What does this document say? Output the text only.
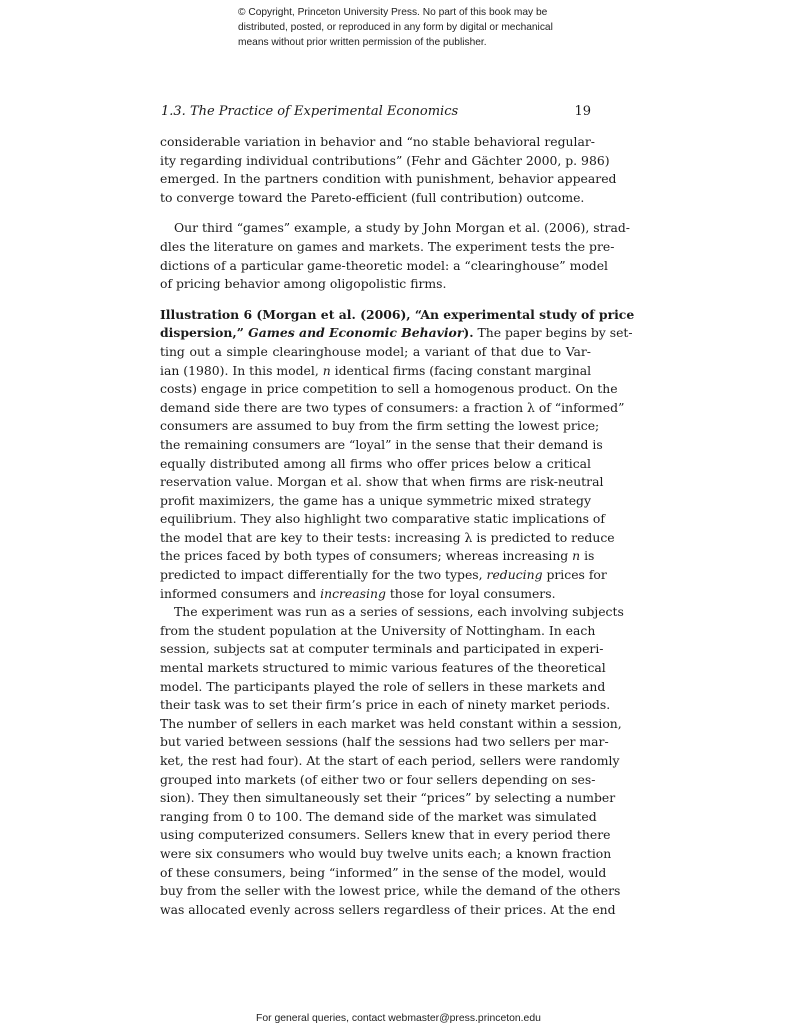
© Copyright, Princeton University Press. No part of this book may be
distributed, posted, or reproduced in any form by digital or mechanical
means without prior written permission of the publisher.
1.3. The Practice of Experimental Economics	19
considerable variation in behavior and “no stable behavioral regular-
ity regarding individual contributions” (Fehr and Gächter 2000, p. 986)
emerged. In the partners condition with punishment, behavior appeared
to converge toward the Pareto-efficient (full contribution) outcome.
Our third “games” example, a study by John Morgan et al. (2006), strad-
dles the literature on games and markets. The experiment tests the pre-
dictions of a particular game-theoretic model: a “clearinghouse” model
of pricing behavior among oligopolistic firms.
Illustration 6 (Morgan et al. (2006), “An experimental study of price
dispersion,” Games and Economic Behavior). The paper begins by set-
ting out a simple clearinghouse model; a variant of that due to Var-
ian (1980). In this model, n identical firms (facing constant marginal
costs) engage in price competition to sell a homogenous product. On the
demand side there are two types of consumers: a fraction λ of “informed”
consumers are assumed to buy from the firm setting the lowest price;
the remaining consumers are “loyal” in the sense that their demand is
equally distributed among all firms who offer prices below a critical
reservation value. Morgan et al. show that when firms are risk-neutral
profit maximizers, the game has a unique symmetric mixed strategy
equilibrium. They also highlight two comparative static implications of
the model that are key to their tests: increasing λ is predicted to reduce
the prices faced by both types of consumers; whereas increasing n is
predicted to impact differentially for the two types, reducing prices for
informed consumers and increasing those for loyal consumers.
The experiment was run as a series of sessions, each involving subjects
from the student population at the University of Nottingham. In each
session, subjects sat at computer terminals and participated in experi-
mental markets structured to mimic various features of the theoretical
model. The participants played the role of sellers in these markets and
their task was to set their firm’s price in each of ninety market periods.
The number of sellers in each market was held constant within a session,
but varied between sessions (half the sessions had two sellers per mar-
ket, the rest had four). At the start of each period, sellers were randomly
grouped into markets (of either two or four sellers depending on ses-
sion). They then simultaneously set their “prices” by selecting a number
ranging from 0 to 100. The demand side of the market was simulated
using computerized consumers. Sellers knew that in every period there
were six consumers who would buy twelve units each; a known fraction
of these consumers, being “informed” in the sense of the model, would
buy from the seller with the lowest price, while the demand of the others
was allocated evenly across sellers regardless of their prices. At the end
For general queries, contact webmaster@press.princeton.edu
